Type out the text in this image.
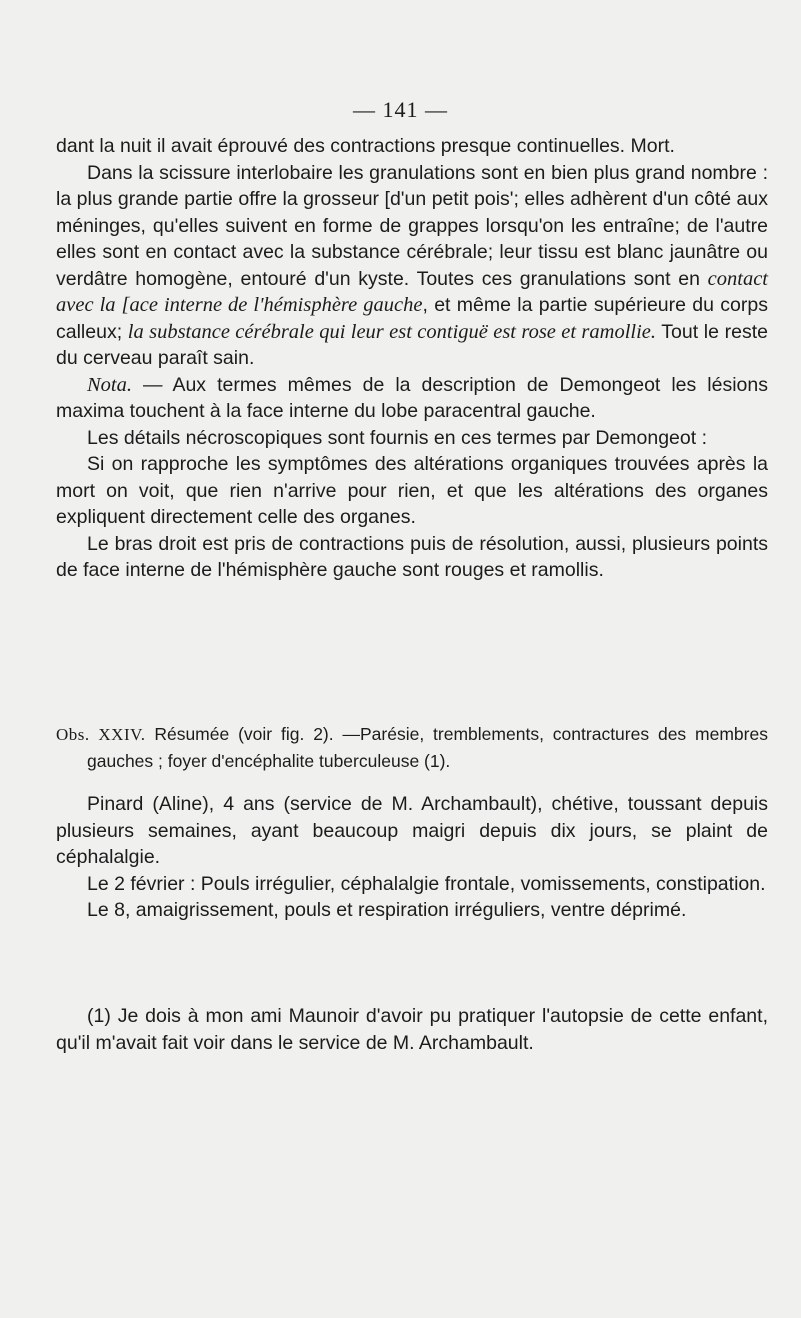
— 141 —

dant la nuit il avait éprouvé des contractions presque continuelles. Mort.

Dans la scissure interlobaire les granulations sont en bien plus grand nombre : la plus grande partie offre la grosseur [d'un petit pois'; elles adhèrent d'un côté aux méninges, qu'elles suivent en forme de grappes lorsqu'on les entraîne; de l'autre elles sont en contact avec la substance cérébrale; leur tissu est blanc jaunâtre ou verdâtre homogène, entouré d'un kyste. Toutes ces granulations sont en contact avec la [ace interne de l'hémisphère gauche, et même la partie supérieure du corps calleux; la substance cérébrale qui leur est contiguë est rose et ramollie. Tout le reste du cerveau paraît sain.

Nota. — Aux termes mêmes de la description de Demongeot les lésions maxima touchent à la face interne du lobe paracentral gauche.

Les détails nécroscopiques sont fournis en ces termes par Demongeot :

Si on rapproche les symptômes des altérations organiques trouvées après la mort on voit, que rien n'arrive pour rien, et que les altérations des organes expliquent directement celle des organes.

Le bras droit est pris de contractions puis de résolution, aussi, plusieurs points de face interne de l'hémisphère gauche sont rouges et ramollis.

Obs. XXIV. Résumée (voir fig. 2). —Parésie, tremblements, contractures des membres gauches ; foyer d'encéphalite tuberculeuse (1).

Pinard (Aline), 4 ans (service de M. Archambault), chétive, toussant depuis plusieurs semaines, ayant beaucoup maigri depuis dix jours, se plaint de céphalalgie.

Le 2 février : Pouls irrégulier, céphalalgie frontale, vomissements, constipation.

Le 8, amaigrissement, pouls et respiration irréguliers, ventre déprimé.

(1) Je dois à mon ami Maunoir d'avoir pu pratiquer l'autopsie de cette enfant, qu'il m'avait fait voir dans le service de M. Archambault.
